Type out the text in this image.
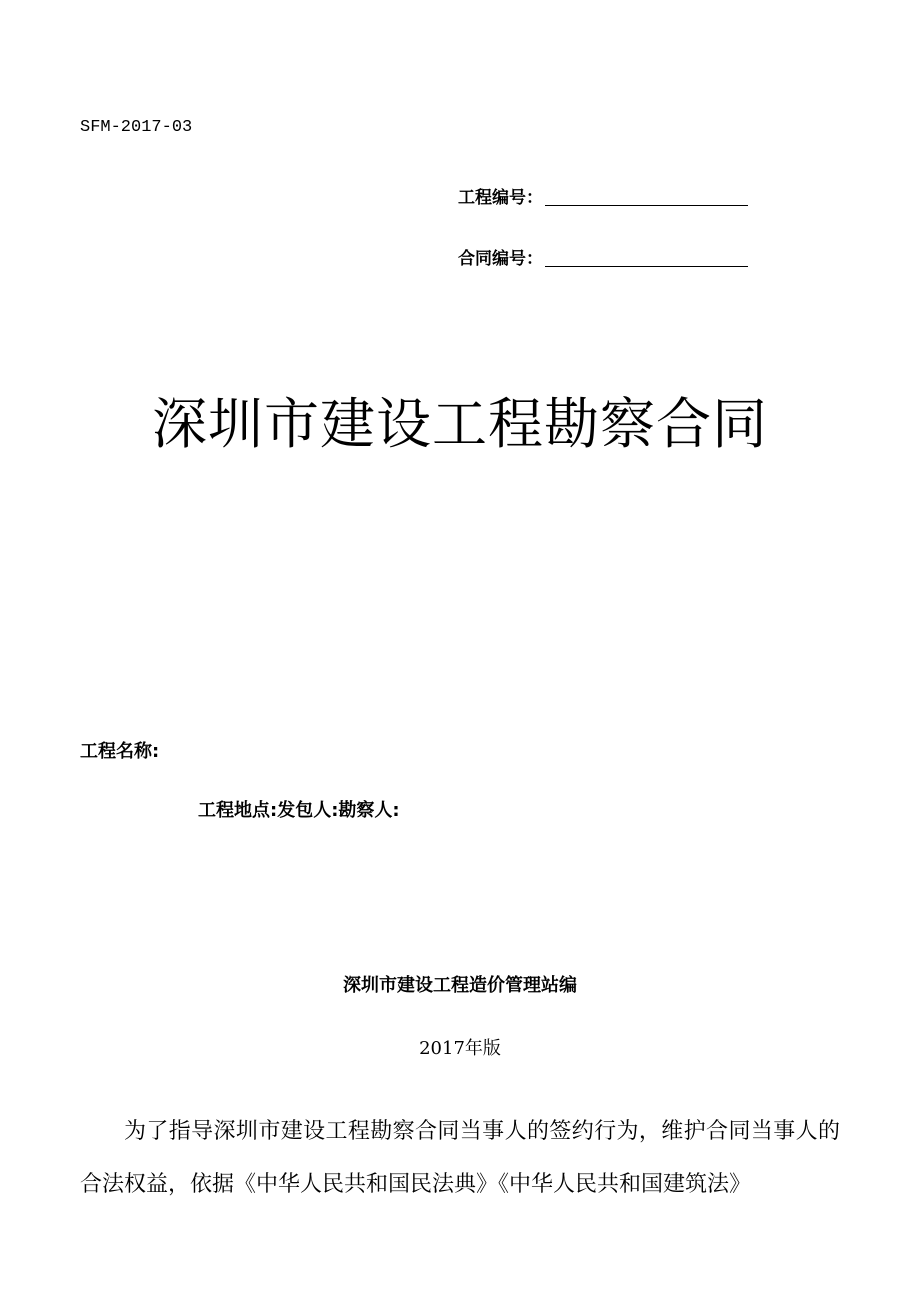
SFM-2017-03
工程编号：
合同编号：
深圳市建设工程勘察合同
工程名称:
工程地点:发包人:勘察人:
深圳市建设工程造价管理站编
2017年版
为了指导深圳市建设工程勘察合同当事人的签约行为，维护合同当事人的合法权益，依据《中华人民共和国民法典》《中华人民共和国建筑法》
